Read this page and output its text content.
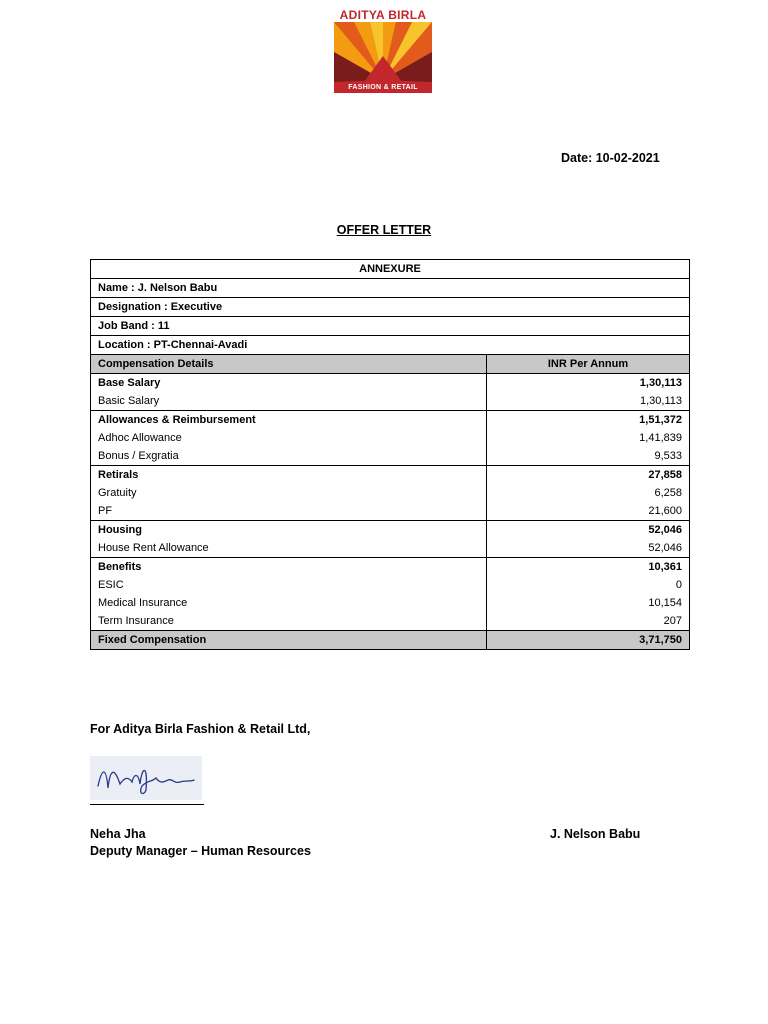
ADITYA BIRLA
FASHION & RETAIL
Date: 10-02-2021
OFFER LETTER
ANNEXURE	
Name : J. Nelson Babu	
Designation : Executive	
Job Band : 11	
Location : PT-Chennai-Avadi	
Compensation Details	INR Per Annum
Base Salary	1,30,113
Basic Salary	1,30,113
Allowances & Reimbursement	1,51,372
Adhoc Allowance	1,41,839
Bonus / Exgratia	9,533
Retirals	27,858
Gratuity	6,258
PF	21,600
Housing	52,046
House Rent Allowance	52,046
Benefits	10,361
ESIC	0
Medical Insurance	10,154
Term Insurance	207
Fixed Compensation	3,71,750
For Aditya Birla Fashion & Retail Ltd,
Neha Jha
Deputy Manager – Human Resources
J. Nelson Babu
